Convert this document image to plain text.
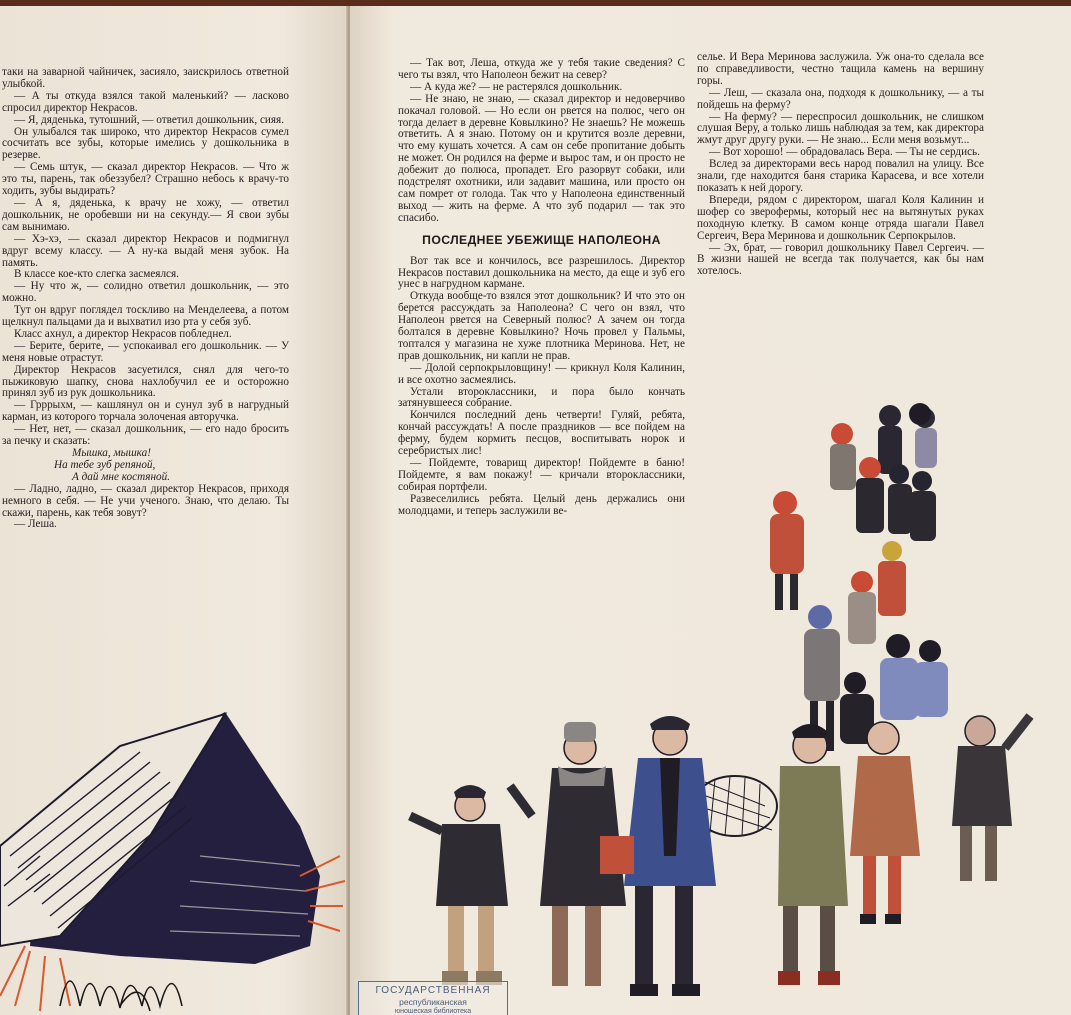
таки на заварной чайничек, засияло, заискрилось ответной улыбкой.

— А ты откуда взялся такой маленький? — ласково спросил директор Некрасов.

— Я, дяденька, тутошний, — ответил дошкольник, сияя.

Он улыбался так широко, что директор Некрасов сумел сосчитать все зубы, которые имелись у дошкольника в резерве.

— Семь штук, — сказал директор Некрасов. — Что ж это ты, парень, так обеззубел? Страшно небось к врачу-то ходить, зубы выдирать?

— А я, дяденька, к врачу не хожу, — ответил дошкольник, не оробевши ни на секунду.— Я свои зубы сам вынимаю.

— Хэ-хэ, — сказал директор Некрасов и подмигнул вдруг всему классу. — А ну-ка выдай меня зубок. На память.

В классе кое-кто слегка засмеялся.

— Ну что ж, — солидно ответил дошкольник, — это можно.

Тут он вдруг поглядел тоскливо на Менделеева, а потом щелкнул пальцами да и выхватил изо рта у себя зуб.

Класс ахнул, а директор Некрасов побледнел.

— Берите, берите, — успокаивал его дошкольник. — У меня новые отрастут.

Директор Некрасов засуетился, снял для чего-то пыжиковую шапку, снова нахлобучил ее и осторожно принял зуб из рук дошкольника.

— Гррpыхм, — кашлянул он и сунул зуб в нагрудный карман, из которого торчала золоченая авторучка.

— Нет, нет, — сказал дошкольник, — его надо бросить за печку и сказать:

Мышка, мышка!

На тебе зуб репяной,

А дай мне костяной.

— Ладно, ладно, — сказал директор Некрасов, приходя немного в себя. — Не учи ученого. Знаю, что делаю. Ты скажи, парень, как тебя зовут?

— Леша.

— Так вот, Леша, откуда же у тебя такие сведения? С чего ты взял, что Наполеон бежит на север?

— А куда же? — не растерялся дошкольник.

— Не знаю, не знаю, — сказал директор и недоверчиво покачал головой. — Но если он рвется на полюс, чего он тогда делает в деревне Ковылкино? Не знаешь? Не можешь ответить. А я знаю. Потому он и крутится возле деревни, что ему кушать хочется. А сам он себе пропитание добыть не может. Он родился на ферме и вырос там, и он просто не добежит до полюса, пропадет. Его разорвут собаки, или подстрелят охотники, или задавит машина, или просто он сам помрет от голода. Так что у Наполеона единственный выход — жить на ферме. А что зуб подарил — так это спасибо.

ПОСЛЕДНЕЕ УБЕЖИЩЕ НАПОЛЕОНА

Вот так все и кончилось, все разрешилось. Директор Некрасов поставил дошкольника на место, да еще и зуб его унес в нагрудном кармане.

Откуда вообще-то взялся этот дошкольник? И что это он берется рассуждать за Наполеона? С чего он взял, что Наполеон рвется на Северный полюс? А зачем он тогда болтался в деревне Ковылкино? Ночь провел у Пальмы, топтался у магазина не хуже плотника Меринова. Нет, не прав дошкольник, ни капли не прав.

— Долой серпокрыловщину! — крикнул Коля Калинин, и все охотно засмеялись.

Устали второклассники, и пора было кончать затянувшееся собрание.

Кончился последний день четверти! Гуляй, ребята, кончай рассуждать! А после праздников — все пойдем на ферму, будем кормить песцов, воспитывать норок и серебристых лис!

— Пойдемте, товарищ директор! Пойдемте в баню! Пойдемте, я вам покажу! — кричали второклассники, собирая портфели.

Развеселились ребята. Целый день держались они молодцами, и теперь заслужили ве-

селье. И Вера Меринова заслужила. Уж она-то сделала все по справедливости, честно тащила камень на вершину горы.

— Леш, — сказала она, подходя к дошкольнику, — а ты пойдешь на ферму?

— На ферму? — переспросил дошкольник, не слишком слушая Веру, а только лишь наблюдая за тем, как директора жмут друг другу руки. — Не знаю... Если меня возьмут...

— Вот хорошо! — обрадовалась Вера. — Ты не сердись.

Вслед за директорами весь народ повалил на улицу. Все знали, где находится баня старика Карасева, и все хотели показать к ней дорогу.

Впереди, рядом с директором, шагал Коля Калинин и шофер со зверофермы, который нес на вытянутых руках походную клетку. В самом конце отряда шагали Павел Сергеич, Вера Меринова и дошкольник Серпокрылов.

— Эх, брат, — говорил дошкольнику Павел Сергеич. — В жизни нашей не всегда так получается, как бы нам хотелось.

ГОСУДАРСТВЕННАЯ
республиканская
юношеская библиотека
